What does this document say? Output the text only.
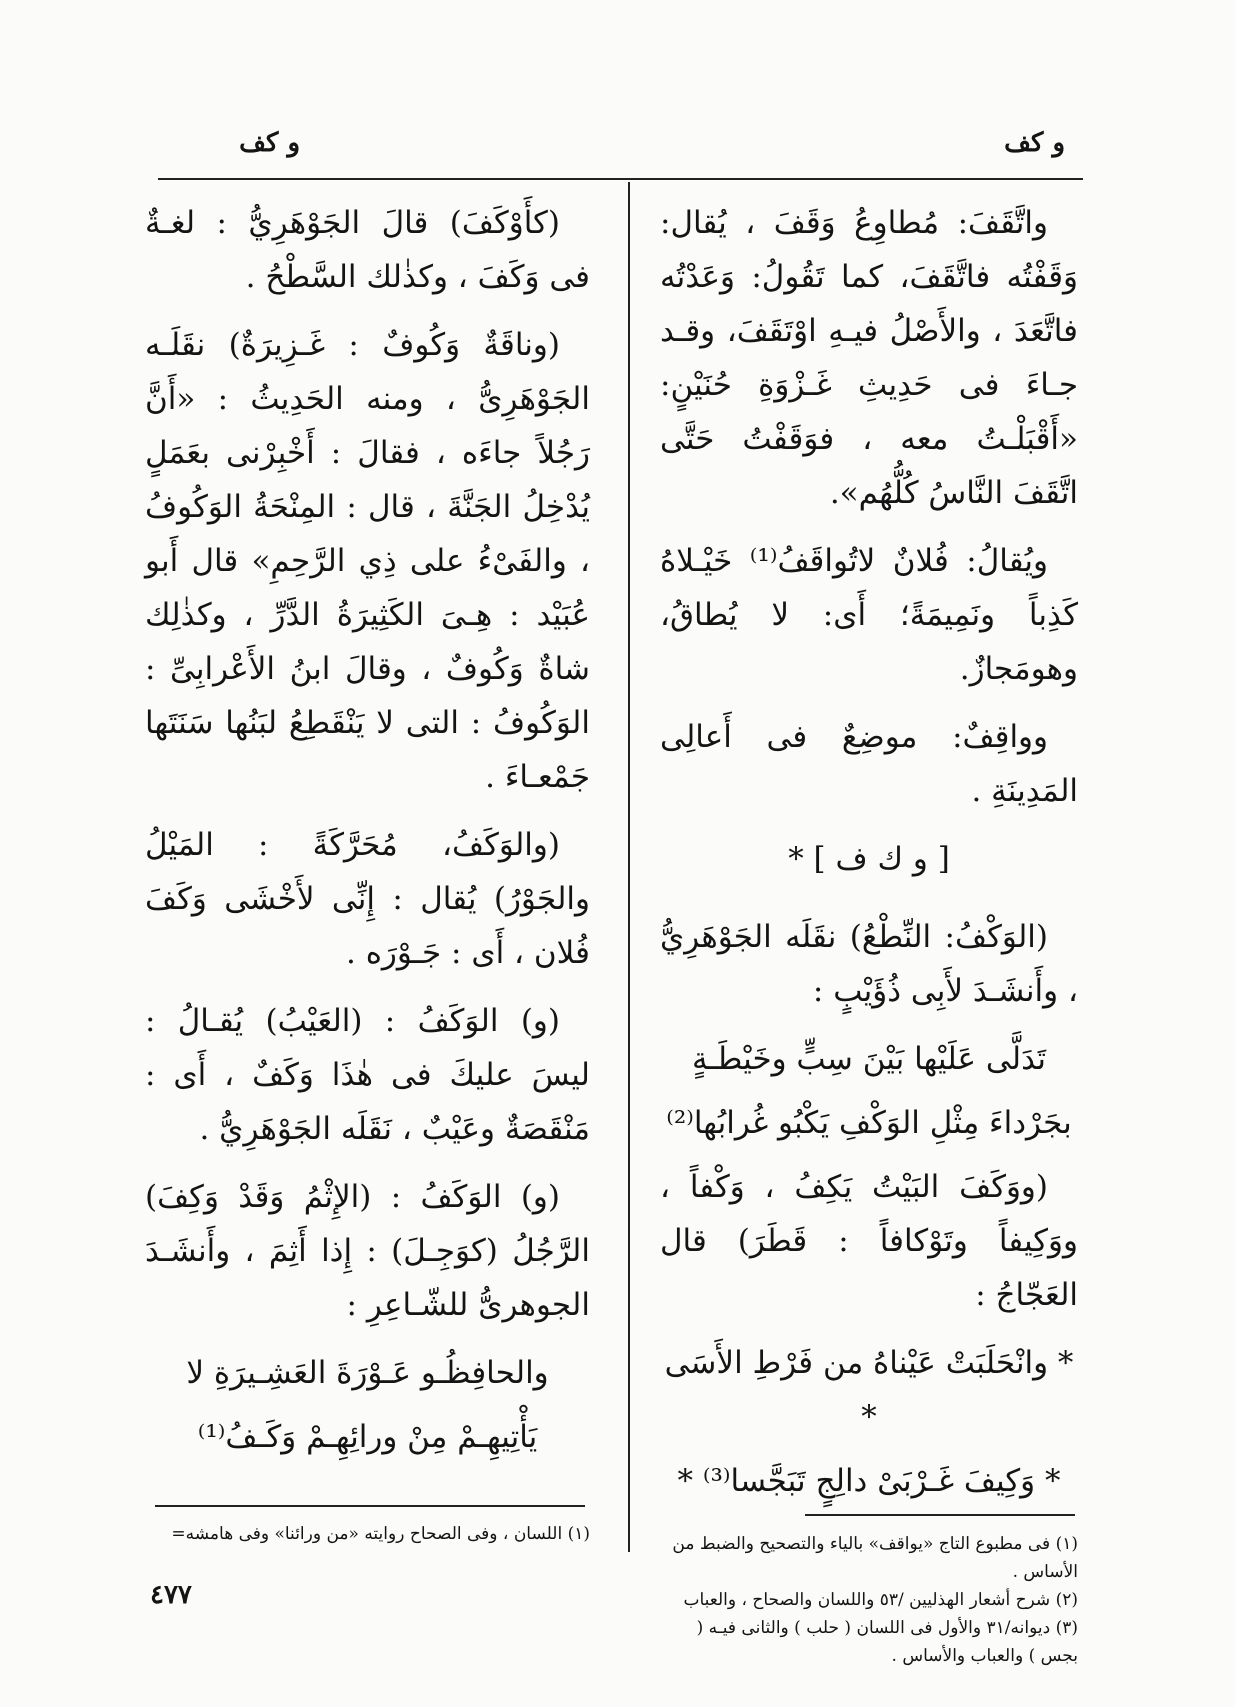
و كف
و كف

واتَّقَفَ: مُطاوِعُ وَقَفَ ، يُقال: وَقَفْتُه فاتَّقَفَ، كما تَقُولُ: وَعَدْتُه فاتَّعَدَ ، والأَصْلُ فيـهِ اوْتَقَفَ، وقـد جـاءَ فى حَدِيثِ غَـزْوَةِ حُنَيْنٍ: «أَقْبَلْـتُ معه ، فوَقَفْتُ حَتَّى اتَّقَفَ النَّاسُ كُلُّهُم».

ويُقالُ: فُلانٌ لاتُواقَفُ⁽¹⁾ خَيْـلاهُ كَذِباً ونَمِيمَةً؛ أَى: لا يُطاقُ، وهومَجازٌ.

وواقِفٌ: موضِعٌ فى أَعالِى المَدِينَةِ .

[ و ك ف ] *

(الوَكْفُ: النِّطْعُ) نقَلَه الجَوْهَرِيُّ ، وأَنشَـدَ لأَبِى ذُؤَيْبٍ :

تَدَلَّى عَلَيْها بَيْنَ سِبٍّ وخَيْطَـةٍ

بجَرْداءَ مِثْلِ الوَكْفِ يَكْبُو غُرابُها⁽²⁾

(ووَكَفَ البَيْتُ يَكِفُ ، وَكْفاً ، ووَكِيفاً وتَوْكافاً : قَطَرَ) قال العَجّاجُ :

* وانْحَلَبَتْ عَيْناهُ من فَرْطِ الأَسَى *

* وَكِيفَ غَـرْبَىْ دالِجٍ تَبَجَّسا⁽³⁾ *

(كأَوْكَفَ) قالَ الجَوْهَرِيُّ : لغـةٌ فى وَكَفَ ، وكذٰلك السَّطْحُ .

(وناقَةٌ وَكُوفٌ : غَـزِيرَةٌ) نقَلَـه الجَوْهَرِىُّ ، ومنه الحَدِيثُ : «أَنَّ رَجُلاً جاءَه ، فقالَ : أَخْبِرْنى بعَمَلٍ يُدْخِلُ الجَنَّةَ ، قال : المِنْحَةُ الوَكُوفُ ، والفَىْءُ على ذِي الرَّحِمِ» قال أَبو عُبَيْد : هِـىَ الكَثِيرَةُ الدَّرِّ ، وكذٰلِك شاةٌ وَكُوفٌ ، وقالَ ابنُ الأَعْرابِىِّ : الوَكُوفُ : التى لا يَنْقَطِعُ لبَنُها سَنَتَها جَمْعـاءَ .

(والوَكَفُ، مُحَرَّكَةً : المَيْلُ والجَوْرُ) يُقال : إِنِّى لأَخْشَى وَكَفَ فُلان ، أَى : جَـوْرَه .

(و) الوَكَفُ : (العَيْبُ) يُقـالُ : ليسَ عليكَ فى هٰذَا وَكَفٌ ، أَى : مَنْقَصَةٌ وعَيْبٌ ، نَقَلَه الجَوْهَرِيُّ .

(و) الوَكَفُ : (الإِثْمُ وَقَدْ وَكِفَ) الرَّجُلُ (كوَجِـلَ) : إِذا أَثِمَ ، وأَنشَـدَ الجوهرىُّ للشّـاعِرِ :

والحافِظُـو عَـوْرَةَ العَشِـيرَةِ لا

يَأْتِيهِـمْ مِنْ ورائِهِـمْ وَكَـفُ⁽¹⁾

(١) فى مطبوع التاج «يواقف» بالياء والتصحيح والضبط من الأساس .

(٢) شرح أشعار الهذليين /٥٣ واللسان والصحاح ، والعباب

(٣) ديوانه/٣١ والأول فى اللسان ( حلب ) والثانى فيـه ( بجس ) والعباب والأساس .

(١) اللسان ، وفى الصحاح روايته «من ورائنا» وفى هامشه=

٤٧٧
